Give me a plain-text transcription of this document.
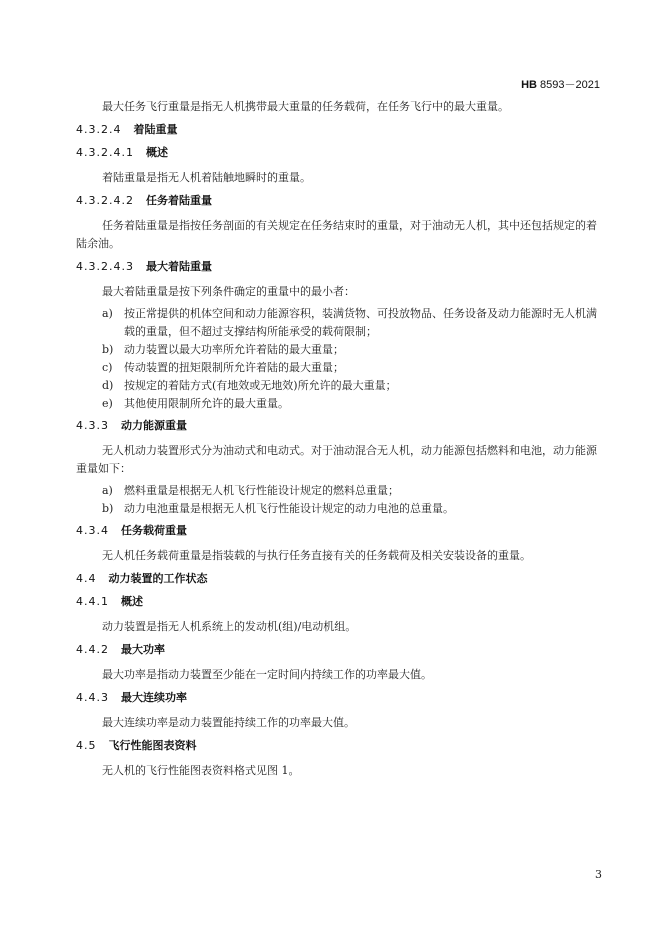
HB 8593－2021

最大任务飞行重量是指无人机携带最大重量的任务载荷，在任务飞行中的最大重量。

4.3.2.4 着陆重量
4.3.2.4.1 概述

着陆重量是指无人机着陆触地瞬时的重量。

4.3.2.4.2 任务着陆重量

任务着陆重量是指按任务剖面的有关规定在任务结束时的重量，对于油动无人机，其中还包括规定的着陆余油。

4.3.2.4.3 最大着陆重量

最大着陆重量是按下列条件确定的重量中的最小者：

a) 按正常提供的机体空间和动力能源容积，装满货物、可投放物品、任务设备及动力能源时无人机满载的重量，但不超过支撑结构所能承受的载荷限制；
b) 动力装置以最大功率所允许着陆的最大重量；
c) 传动装置的扭矩限制所允许着陆的最大重量；
d) 按规定的着陆方式(有地效或无地效)所允许的最大重量；
e) 其他使用限制所允许的最大重量。
4.3.3 动力能源重量

无人机动力装置形式分为油动式和电动式。对于油动混合无人机，动力能源包括燃料和电池，动力能源重量如下：

a) 燃料重量是根据无人机飞行性能设计规定的燃料总重量；
b) 动力电池重量是根据无人机飞行性能设计规定的动力电池的总重量。
4.3.4 任务载荷重量

无人机任务载荷重量是指装载的与执行任务直接有关的任务载荷及相关安装设备的重量。

4.4 动力装置的工作状态
4.4.1 概述

动力装置是指无人机系统上的发动机(组)/电动机组。

4.4.2 最大功率

最大功率是指动力装置至少能在一定时间内持续工作的功率最大值。

4.4.3 最大连续功率

最大连续功率是动力装置能持续工作的功率最大值。

4.5 飞行性能图表资料

无人机的飞行性能图表资料格式见图 1。

3
